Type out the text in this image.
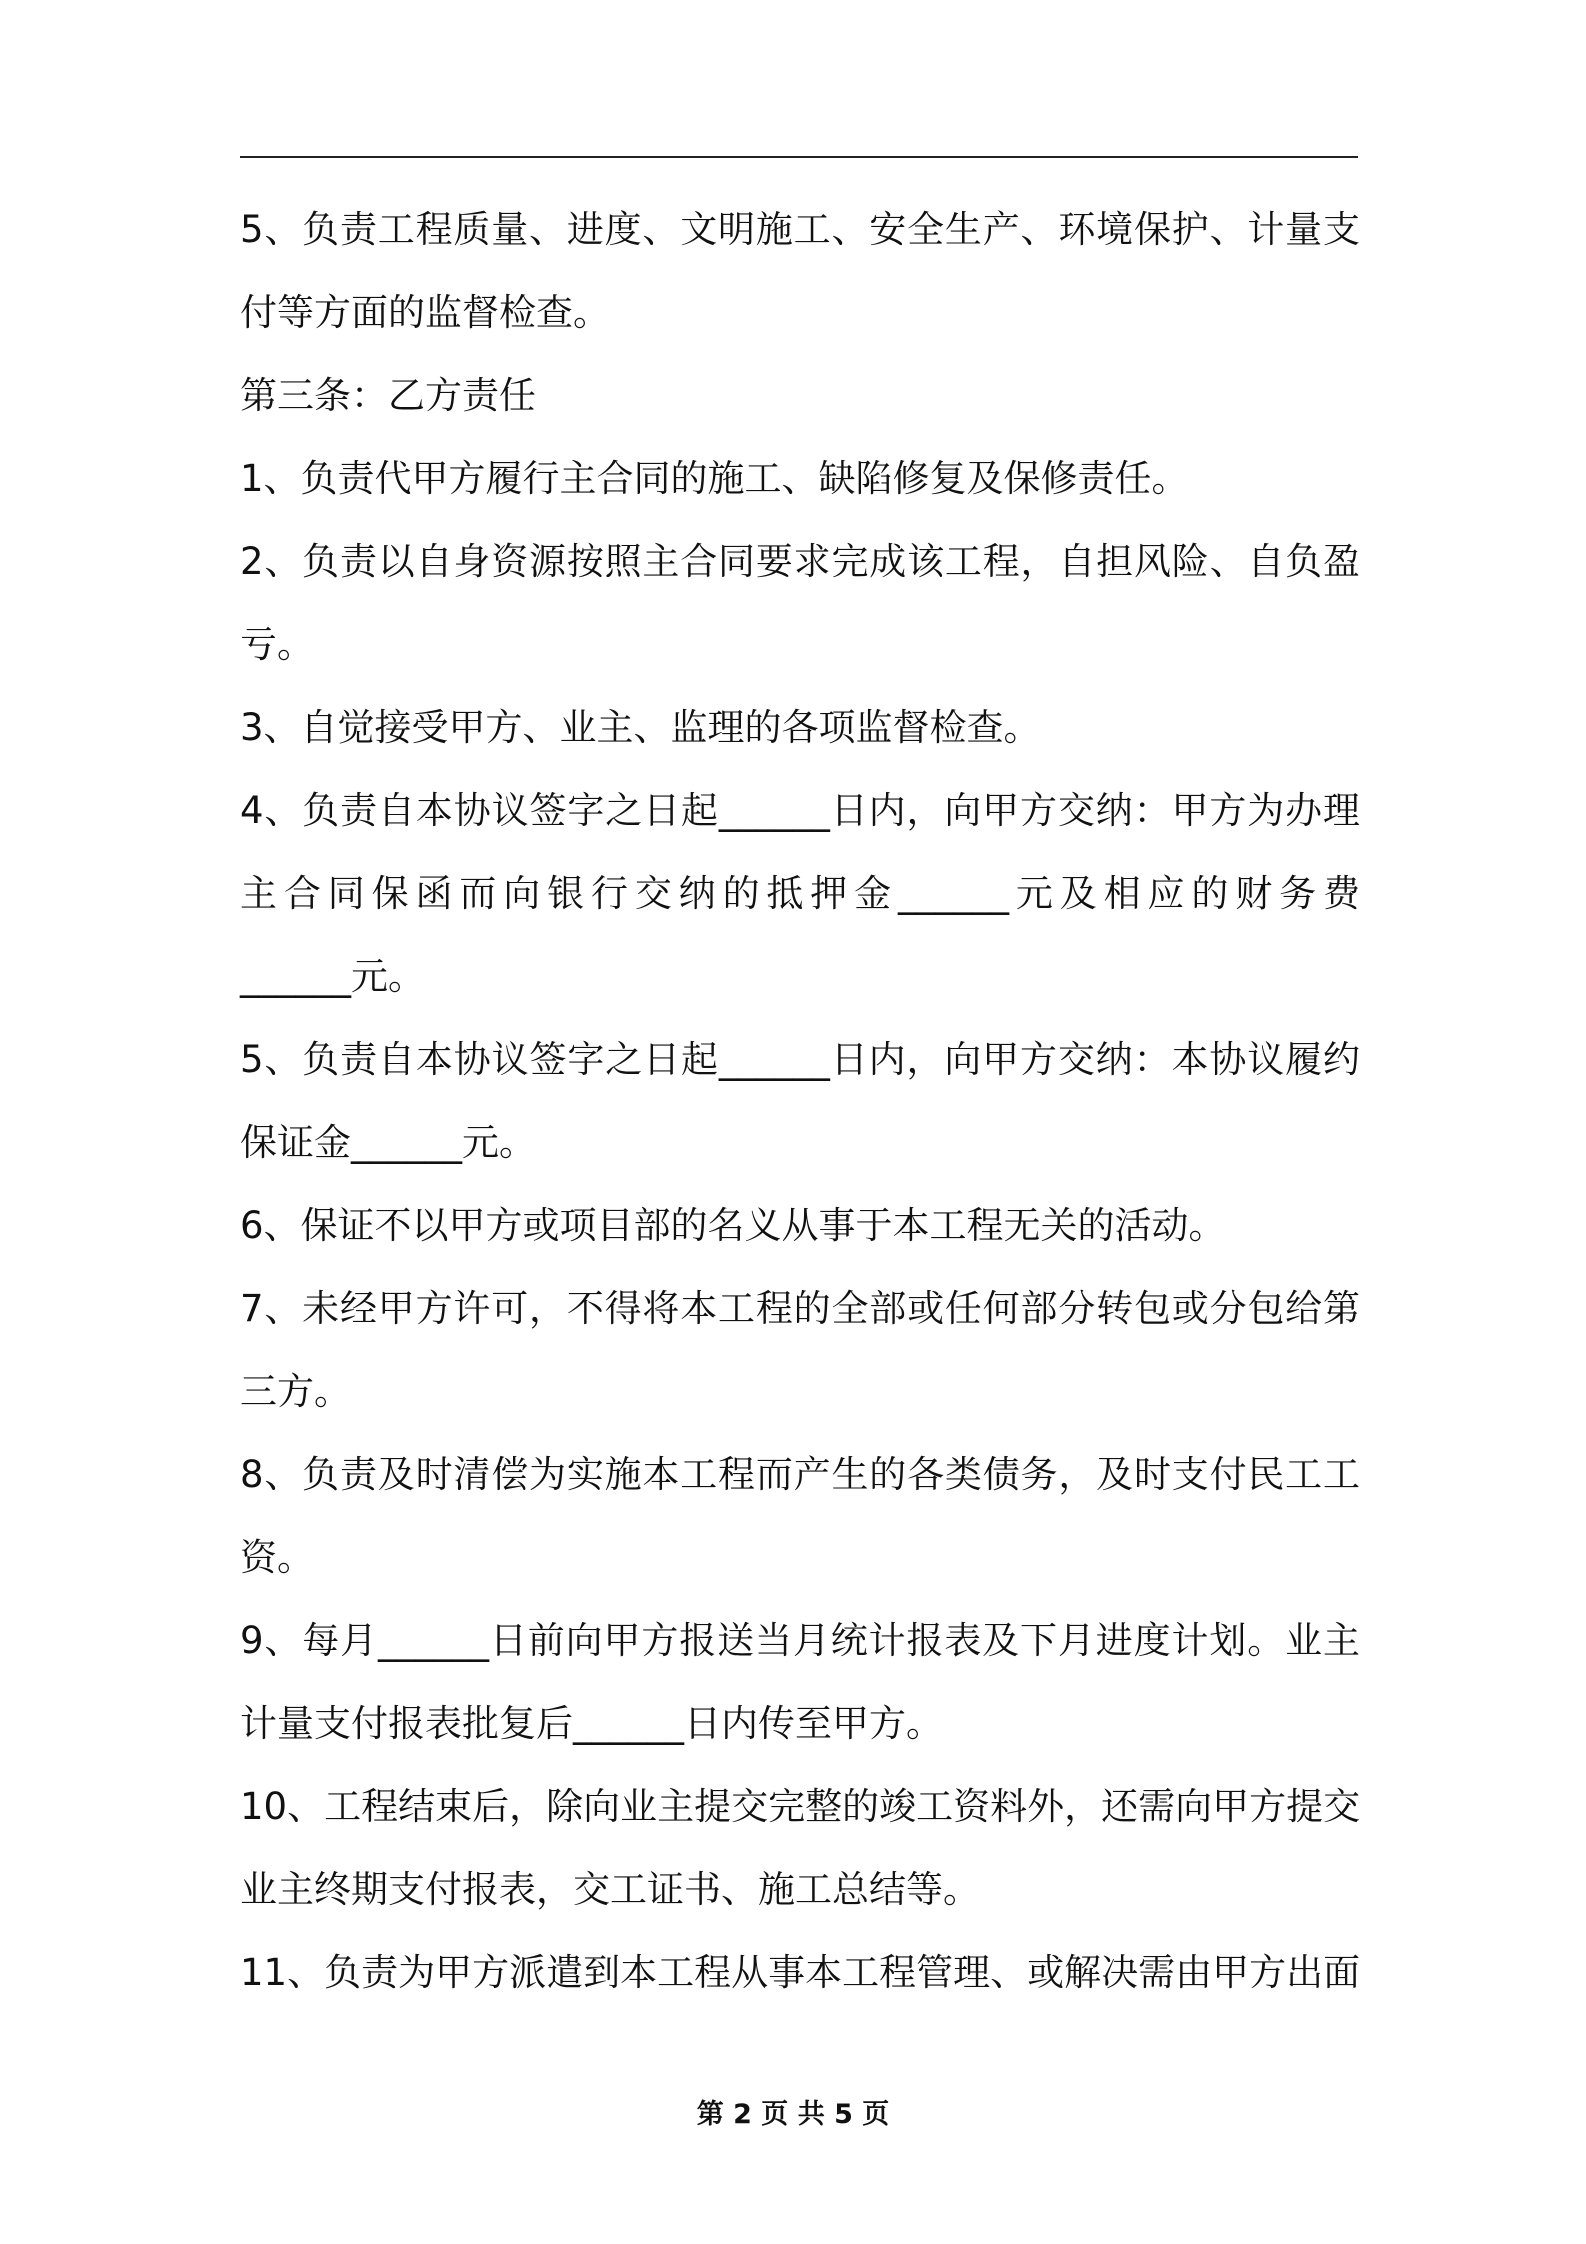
5、负责工程质量、进度、文明施工、安全生产、环境保护、计量支

付等方面的监督检查。

第三条：乙方责任

1、负责代甲方履行主合同的施工、缺陷修复及保修责任。

2、负责以自身资源按照主合同要求完成该工程，自担风险、自负盈

亏。

3、自觉接受甲方、业主、监理的各项监督检查。

4、负责自本协议签字之日起______日内，向甲方交纳：甲方为办理

主合同保函而向银行交纳的抵押金______元及相应的财务费

______元。

5、负责自本协议签字之日起______日内，向甲方交纳：本协议履约

保证金______元。

6、保证不以甲方或项目部的名义从事于本工程无关的活动。

7、未经甲方许可，不得将本工程的全部或任何部分转包或分包给第

三方。

8、负责及时清偿为实施本工程而产生的各类债务，及时支付民工工

资。

9、每月______日前向甲方报送当月统计报表及下月进度计划。业主

计量支付报表批复后______日内传至甲方。

10、工程结束后，除向业主提交完整的竣工资料外，还需向甲方提交

业主终期支付报表，交工证书、施工总结等。

11、负责为甲方派遣到本工程从事本工程管理、或解决需由甲方出面

第 2 页 共 5 页
